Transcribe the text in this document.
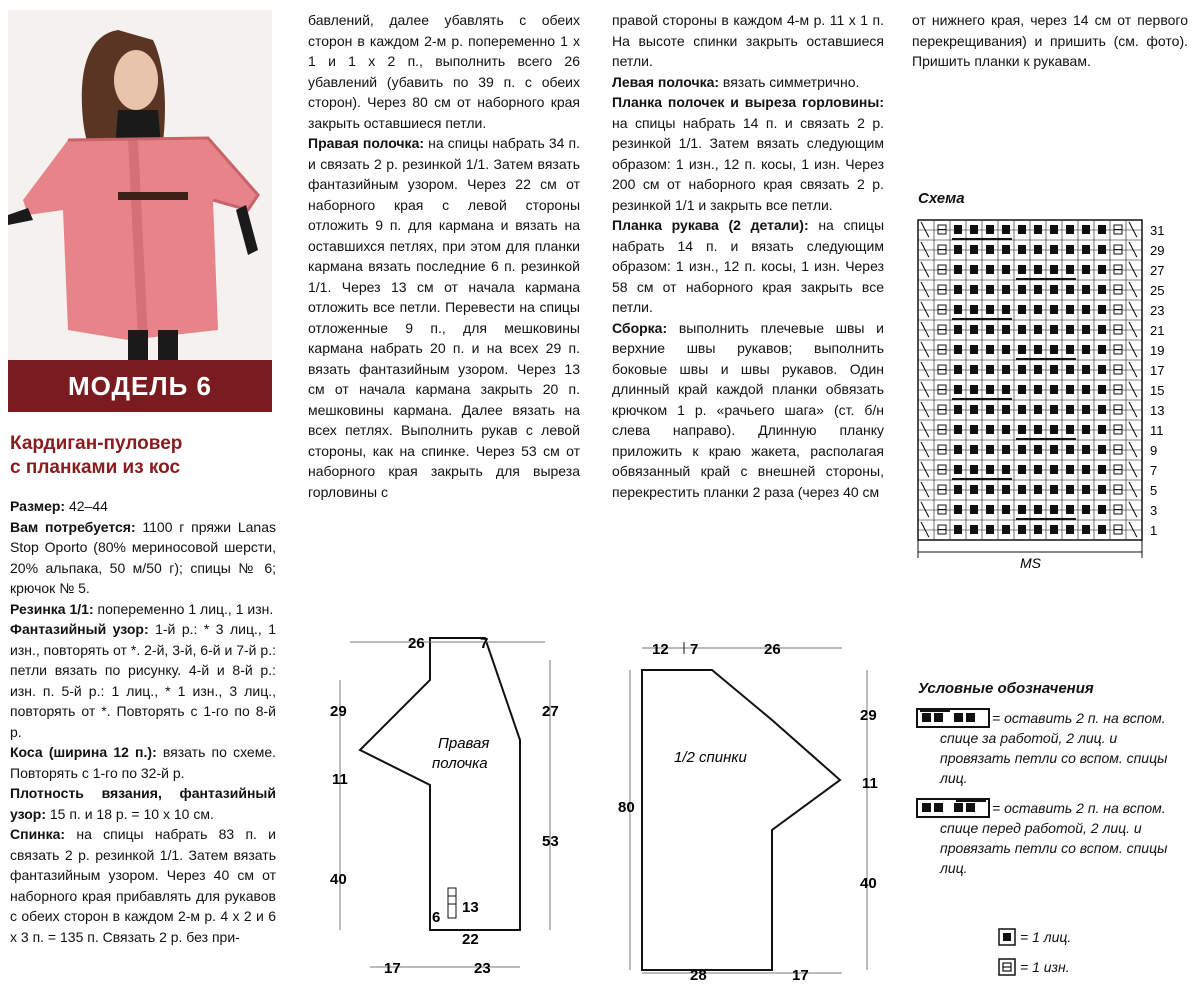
МОДЕЛЬ 6
Кардиган-пуловер
с планками из кос

Размер: 42–44

Вам потребуется: 1100 г пряжи Lanas Stop Oporto (80% мериносовой шерсти, 20% альпака, 50 м/50 г); спицы № 6; крючок № 5.

Резинка 1/1: попеременно 1 лиц., 1 изн.

Фантазийный узор: 1-й р.: * 3 лиц., 1 изн., повторять от *. 2-й, 3-й, 6-й и 7-й р.: петли вязать по рисунку. 4-й и 8-й р.: изн. п. 5-й р.: 1 лиц., * 1 изн., 3 лиц., повторять от *. Повторять с 1-го по 8-й р.

Коса (ширина 12 п.): вязать по схеме. Повторять с 1-го по 32-й р.

Плотность вязания, фантазийный узор: 15 п. и 18 р. = 10 x 10 см.

Спинка: на спицы набрать 83 п. и связать 2 р. резинкой 1/1. Затем вязать фантазийным узором. Через 40 см от наборного края прибавлять для рукавов с обеих сторон в каждом 2-м р. 4 x 2 и 6 x 3 п. = 135 п. Связать 2 р. без при-

бавлений, далее убавлять с обеих сторон в каждом 2-м р. попеременно 1 x 1 и 1 x 2 п., выполнить всего 26 убавлений (убавить по 39 п. с обеих сторон). Через 80 см от наборного края закрыть оставшиеся петли.

Правая полочка: на спицы набрать 34 п. и связать 2 р. резинкой 1/1. Затем вязать фантазийным узором. Через 22 см от наборного края с левой стороны отложить 9 п. для кармана и вязать на оставшихся петлях, при этом для планки кармана вязать последние 6 п. резинкой 1/1. Через 13 см от начала кармана отложить все петли. Перевести на спицы отложенные 9 п., для мешковины кармана набрать 20 п. и на всех 29 п. вязать фантазийным узором. Через 13 см от начала кармана закрыть 20 п. мешковины кармана. Далее вязать на всех петлях. Выполнить рукав с левой стороны, как на спинке. Через 53 см от наборного края закрыть для выреза горловины с

правой стороны в каждом 4-м р. 11 x 1 п. На высоте спинки закрыть оставшиеся петли.

Левая полочка: вязать симметрично.

Планка полочек и выреза горловины: на спицы набрать 14 п. и связать 2 р. резинкой 1/1. Затем вязать следующим образом: 1 изн., 12 п. косы, 1 изн. Через 200 см от наборного края связать 2 р. резинкой 1/1 и закрыть все петли.

Планка рукава (2 детали): на спицы набрать 14 п. и вязать следующим образом: 1 изн., 12 п. косы, 1 изн. Через 58 см от наборного края закрыть все петли.

Сборка: выполнить плечевые швы и верхние швы рукавов; выполнить боковые швы и швы рукавов. Один длинный край каждой планки обвязать крючком 1 р. «рачьего шага» (ст. б/н слева направо). Длинную планку приложить к краю жакета, располагая обвязанный край с внешней стороны, перекрестить планки 2 раза (через 40 см

от нижнего края, через 14 см от первого перекрещивания) и пришить (см. фото). Пришить планки к рукавам.

Схема
╲	╲
╲	╲
╲	╲
╲	╲
╲	╲
╲	╲
╲	╲
╲	╲
╲	╲
╲	╲
╲	╲
╲	╲
╲	╲
╲	╲
╲	╲
╲	╲
31
29
27
25
23
21
19
17
15
13
11
9
7
5
3
1
MS
26	7
29
11
40
27
53
6
13
22
17	23
Правая
полочка
12 7	26
80
29
11
40
28	17
1/2 спинки
Условные обозначения
= оставить 2 п. на вспом. спице за работой, 2 лиц. и провязать петли со вспом. спицы лиц.
= оставить 2 п. на вспом. спице перед работой, 2 лиц. и провязать петли со вспом. спицы лиц.
= 1 лиц.
= 1 изн.
